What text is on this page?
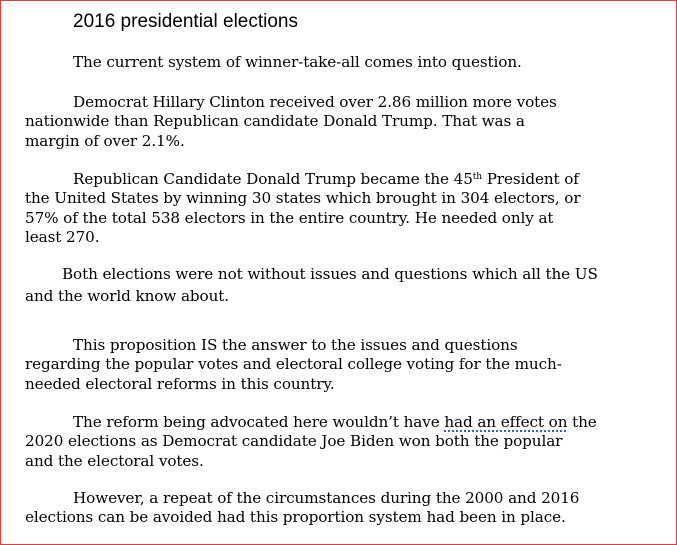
2016 presidential elections

The current system of winner-take-all comes into question.

Democrat Hillary Clinton received over 2.86 million more votes
nationwide than Republican candidate Donald Trump. That was a
margin of over 2.1%.

Republican Candidate Donald Trump became the 45th President of
the United States by winning 30 states which brought in 304 electors, or
57% of the total 538 electors in the entire country. He needed only at
least 270.

Both elections were not without issues and questions which all the US
and the world know about.

This proposition IS the answer to the issues and questions
regarding the popular votes and electoral college voting for the much-
needed electoral reforms in this country.

The reform being advocated here wouldn’t have had an effect on the
2020 elections as Democrat candidate Joe Biden won both the popular
and the electoral votes.

However, a repeat of the circumstances during the 2000 and 2016
elections can be avoided had this proportion system had been in place.
